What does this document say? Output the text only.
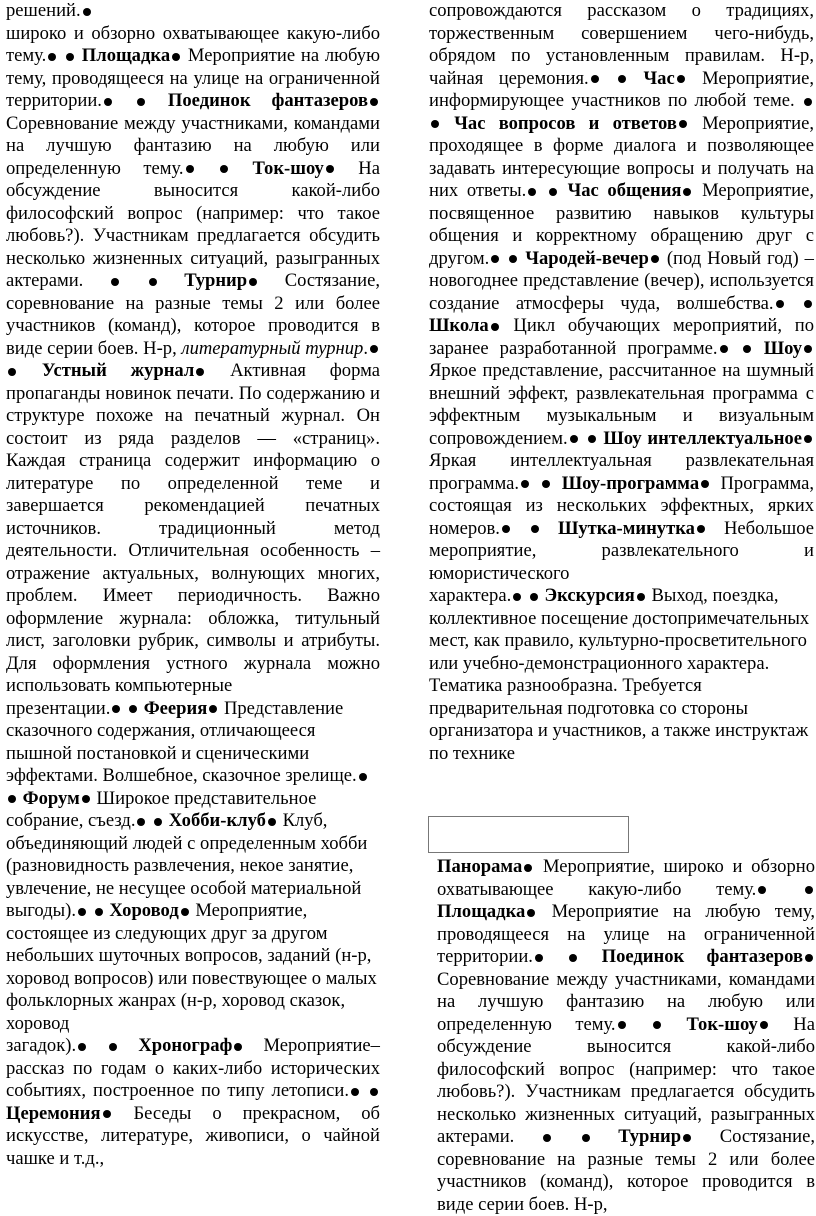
решений.

широко и обзорно охватывающее какую-либо тему. Площадка Мероприятие на любую тему, проводящееся на улице на ограниченной территории.	Поединок фантазеров Соревнование между участниками, командами на лучшую фантазию на любую или определенную тему.	Ток-шоу На обсуждение выносится какой-либо философский вопрос (например: что такое любовь?). Участникам предлагается обсудить несколько жизненных ситуаций, разыгранных актерами.	Турнир Состязание, соревнование на разные темы 2 или более участников (команд), которое проводится в виде серии боев. Н-р, литературный турнир.  Устный журнал Активная форма пропаганды новинок печати. По содержанию и структуре похоже на печатный журнал. Он состоит из ряда разделов — «страниц». Каждая страница содержит информацию о литературе по определенной теме и завершается рекомендацией печатных источников. традиционный метод деятельности. Отличительная особенность – отражение актуальных, волнующих многих, проблем. Имеет периодичность. Важно оформление журнала: обложка, титульный лист, заголовки рубрик, символы и атрибуты. Для оформления устного журнала можно использовать компьютерные

презентации. Феерия Представление сказочного содержания, отличающееся пышной постановкой и сценическими эффектами. Волшебное, сказочное зрелище.  Форум Широкое представительное собрание, съезд. Хобби-клуб Клуб, объединяющий людей с определенным хобби (разновидность развлечения, некое занятие, увлечение, не несущее особой материальной выгоды). Хоровод Мероприятие, состоящее из следующих друг за другом небольших шуточных вопросов, заданий (н-р, хоровод вопросов) или повествующее о малых фольклорных жанрах (н-р, хоровод сказок, хоровод

загадок).	Хронограф Мероприятие– рассказ по годам о каких-либо исторических событиях, построенное по типу летописи.  Церемония Беседы о прекрасном, об искусстве, литературе, живописи, о чайной чашке и т.д.,

сопровождаются рассказом о традициях, торжественным совершением чего-нибудь, обрядом по установленным правилам. Н-р, чайная церемония.	Час Мероприятие, информирующее участников по любой теме.   Час вопросов и ответов Мероприятие, проходящее в форме диалога и позволяющее задавать интересующие вопросы и получать на них ответы. Час общения Мероприятие, посвященное развитию навыков культуры общения и корректному обращению друг с другом. Чародей-вечер (под Новый год) – новогоднее представление (вечер), используется создание атмосферы чуда, волшебства.  Школа Цикл обучающих мероприятий, по заранее разработанной программе. Шоу Яркое представление, рассчитанное на шумный внешний эффект, развлекательная программа с эффектным музыкальным и визуальным сопровождением. Шоу интеллектуальное Яркая интеллектуальная развлекательная программа. Шоу-программа Программа, состоящая из нескольких эффектных, ярких номеров.	Шутка-минутка Небольшое мероприятие, развлекательного и юмористического

характера. Экскурсия Выход, поездка, коллективное посещение достопримечательных мест, как правило, культурно-просветительного или учебно-демонстрационного характера. Тематика разнообразна. Требуется предварительная подготовка со стороны организатора и участников, а также инструктаж по технике

Панорама Мероприятие, широко и обзорно охватывающее какую-либо тему.  Площадка Мероприятие на любую тему, проводящееся на улице на ограниченной территории.	Поединок фантазеров Соревнование между участниками, командами на лучшую фантазию на любую или определенную тему.	Ток-шоу На обсуждение выносится какой-либо философский вопрос (например: что такое любовь?). Участникам предлагается обсудить несколько жизненных ситуаций, разыгранных актерами.	Турнир Состязание, соревнование на разные темы 2 или более участников (команд), которое проводится в виде серии боев. Н-р,
